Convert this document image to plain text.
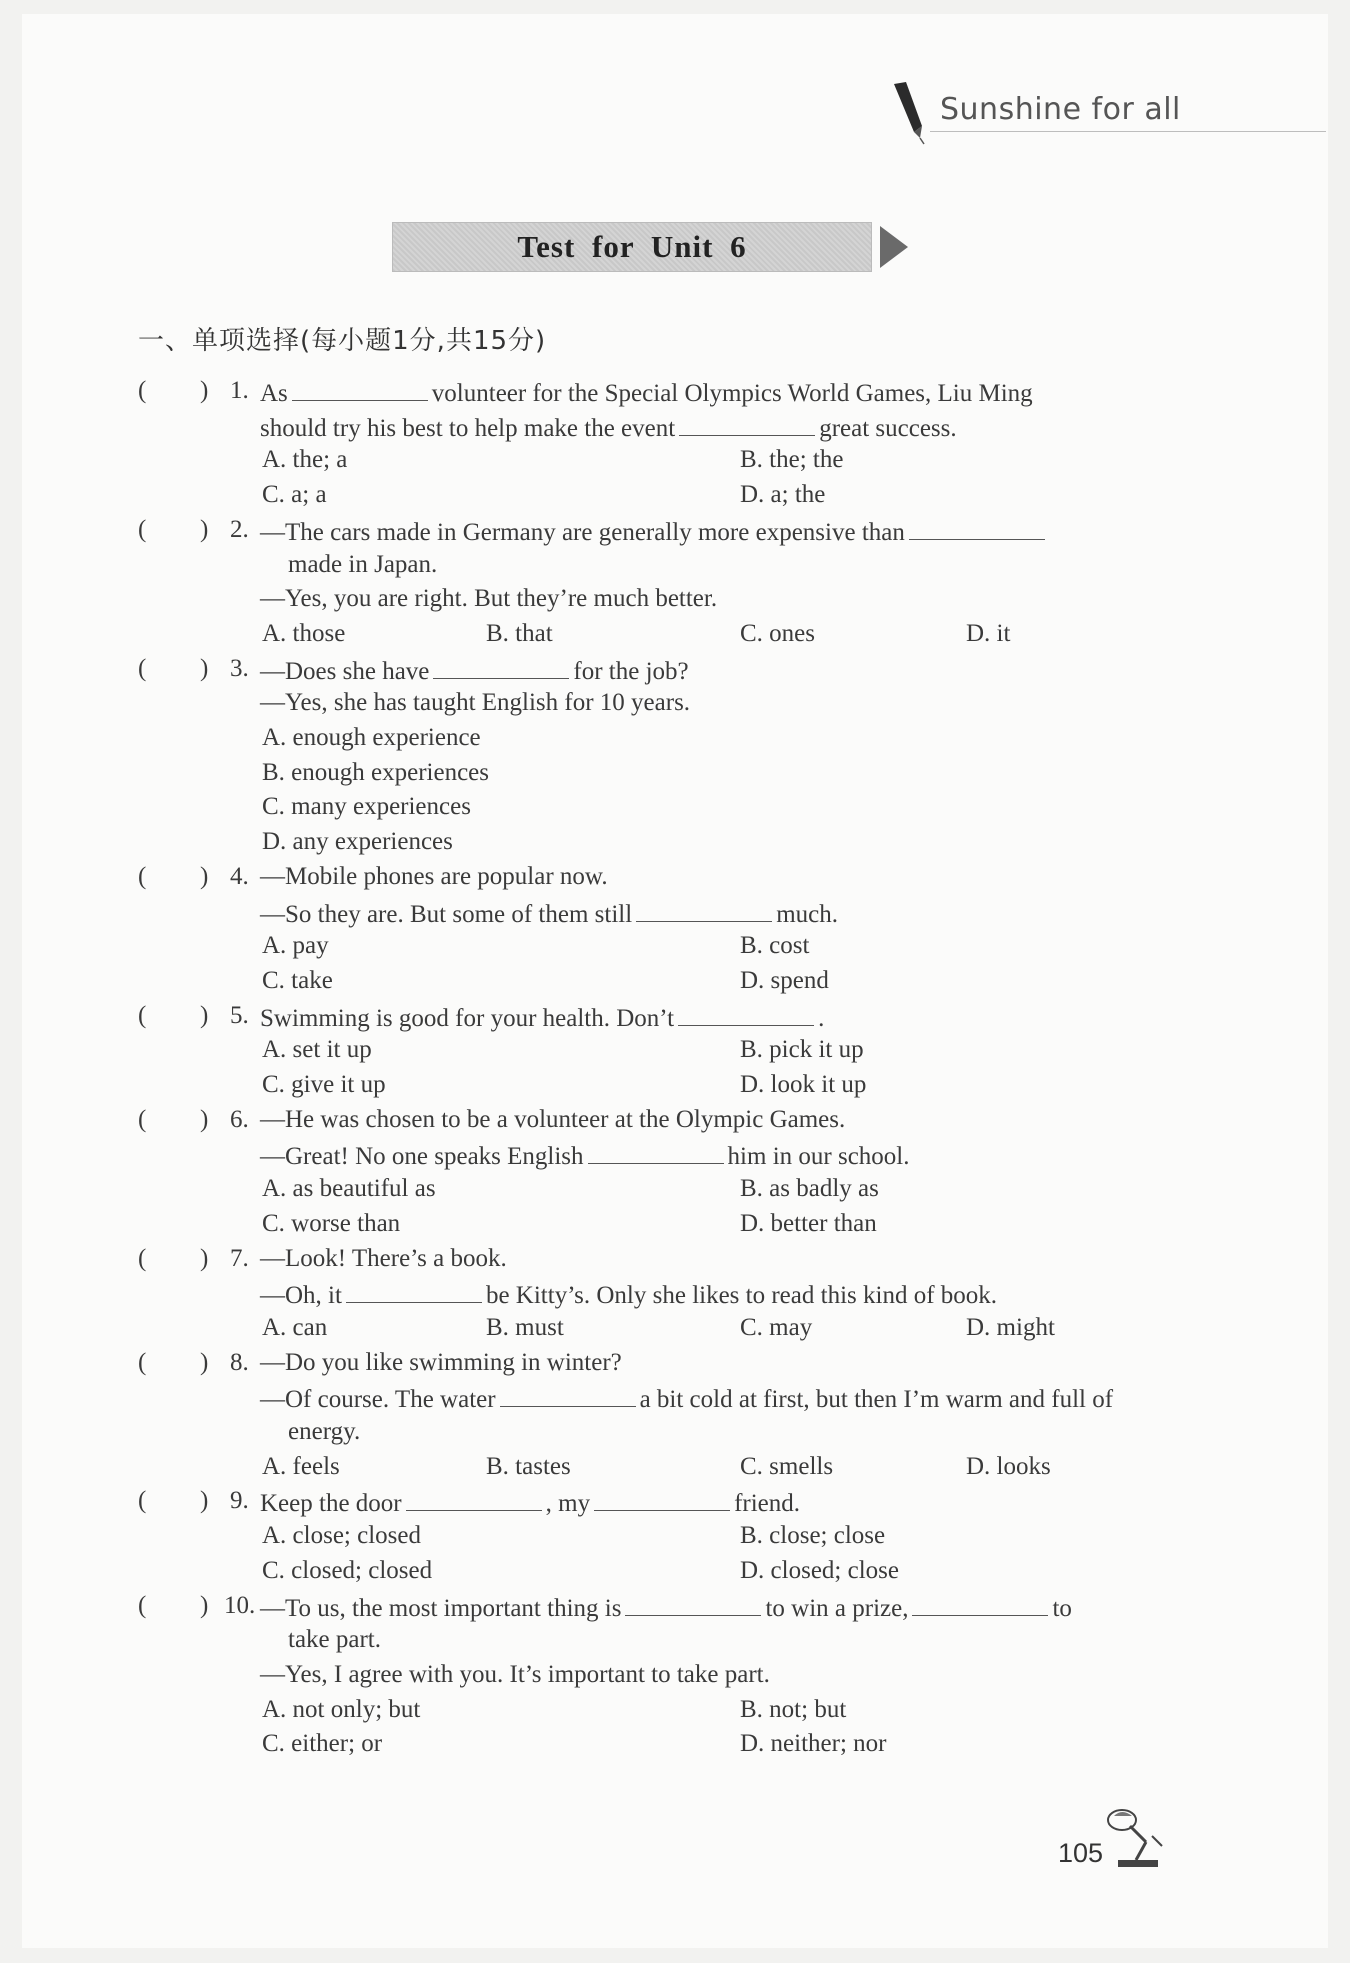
Sunshine for all
Test for Unit 6
一、单项选择(每小题1分,共15分)
( ) 1. As	volunteer for the Special Olympics World Games, Liu Ming
should try his best to help make the event	great success.
A. the; a	B. the; the
C. a; a	D. a; the
( ) 2. —The cars made in Germany are generally more expensive than
made in Japan.
—Yes, you are right. But they’re much better.
A. those	B. that	C. ones	D. it
( ) 3. —Does she have	for the job?
—Yes, she has taught English for 10 years.
A. enough experience
B. enough experiences
C. many experiences
D. any experiences
( ) 4. —Mobile phones are popular now.
—So they are. But some of them still	much.
A. pay	B. cost
C. take	D. spend
( ) 5. Swimming is good for your health. Don’t	.
A. set it up	B. pick it up
C. give it up	D. look it up
( ) 6. —He was chosen to be a volunteer at the Olympic Games.
—Great! No one speaks English	him in our school.
A. as beautiful as	B. as badly as
C. worse than	D. better than
( ) 7. —Look! There’s a book.
—Oh, it	be Kitty’s. Only she likes to read this kind of book.
A. can	B. must	C. may	D. might
( ) 8. —Do you like swimming in winter?
—Of course. The water	a bit cold at first, but then I’m warm and full of
energy.
A. feels	B. tastes	C. smells	D. looks
( ) 9. Keep the door	, my	friend.
A. close; closed	B. close; close
C. closed; closed	D. closed; close
( ) 10. —To us, the most important thing is	to win a prize,	to
take part.
—Yes, I agree with you. It’s important to take part.
A. not only; but	B. not; but
C. either; or	D. neither; nor
105
